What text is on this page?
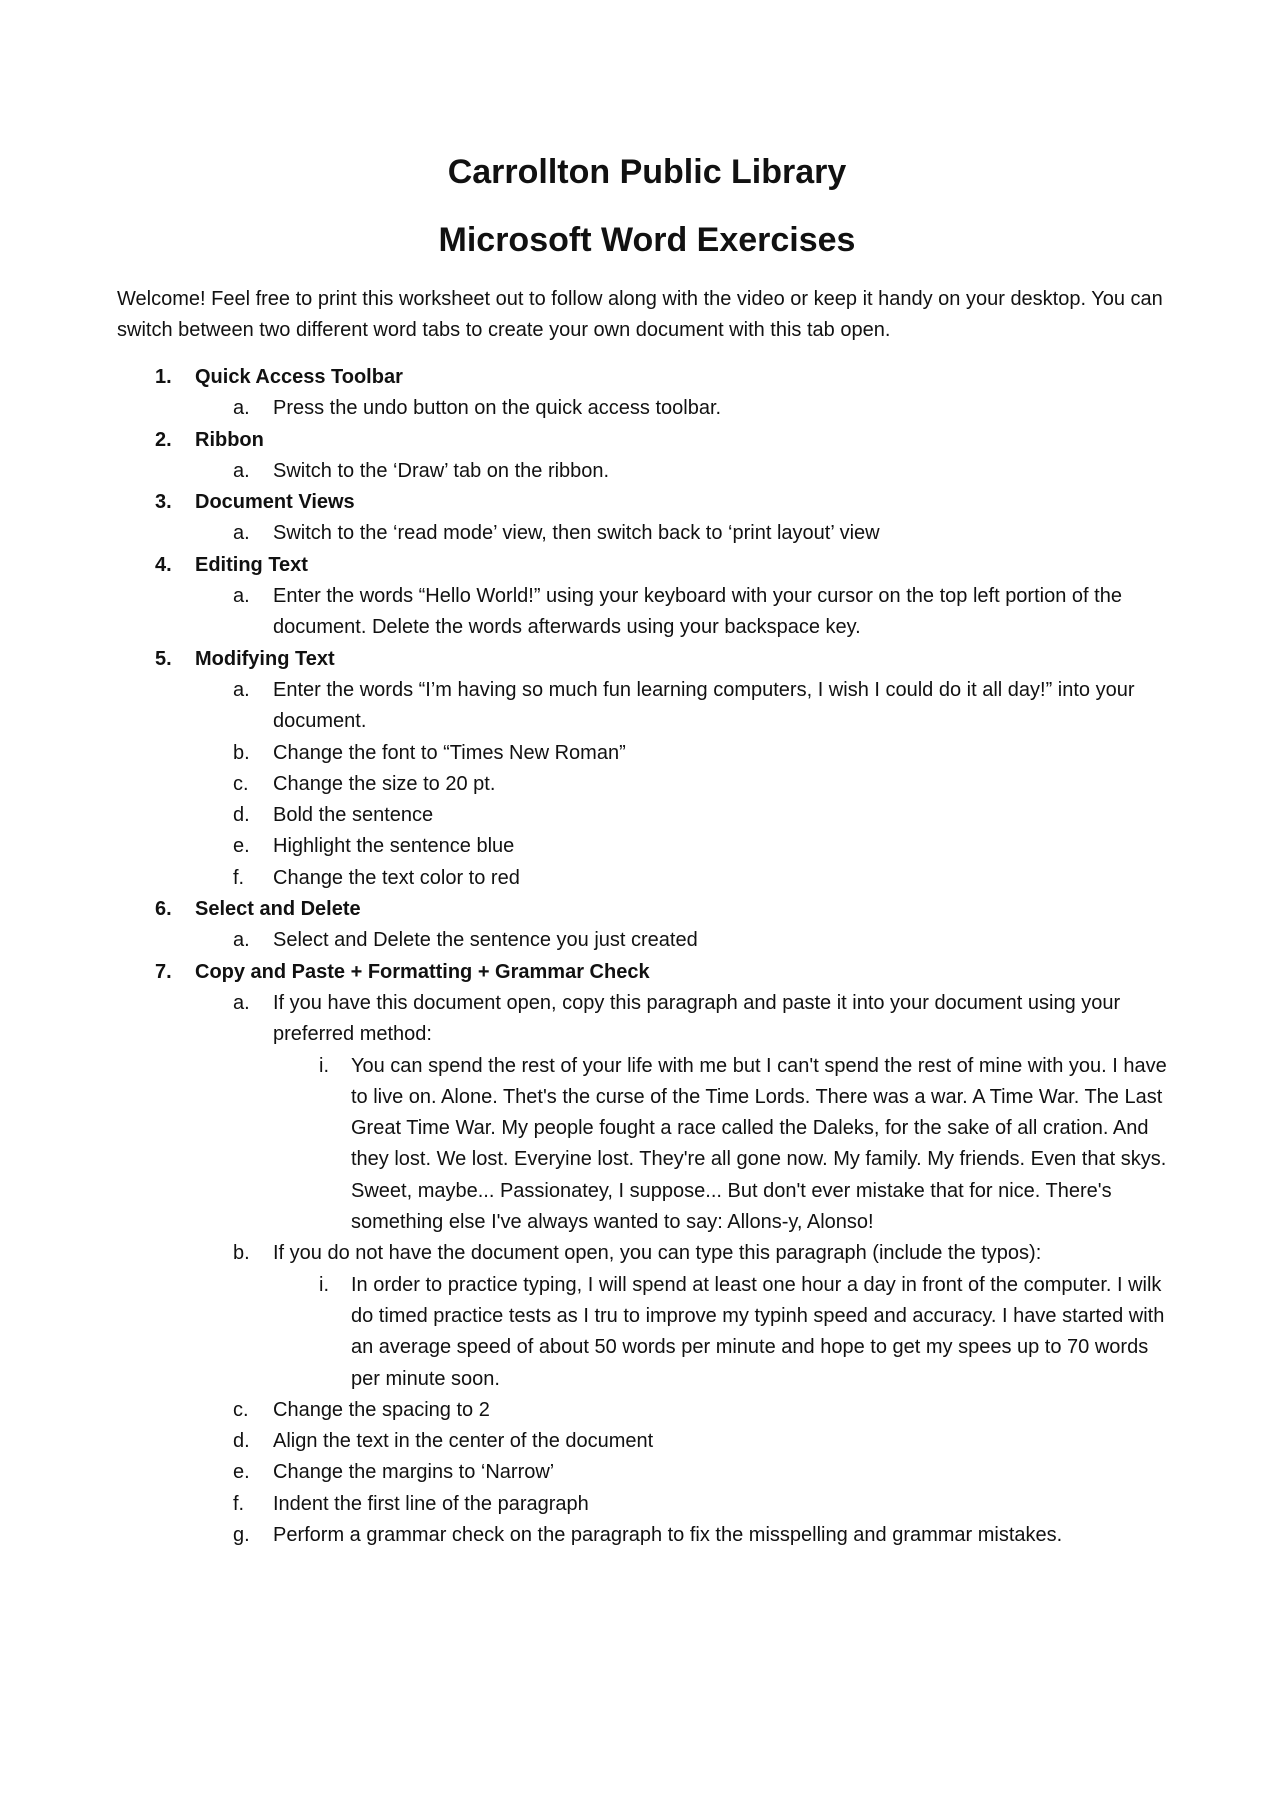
Carrollton Public Library
Microsoft Word Exercises

Welcome! Feel free to print this worksheet out to follow along with the video or keep it handy on your desktop. You can switch between two different word tabs to create your own document with this tab open.

1. Quick Access Toolbar
a. Press the undo button on the quick access toolbar.
2. Ribbon
a. Switch to the ‘Draw’ tab on the ribbon.
3. Document Views
a. Switch to the ‘read mode’ view, then switch back to ‘print layout’ view
4. Editing Text
a. Enter the words “Hello World!” using your keyboard with your cursor on the top left portion of the document. Delete the words afterwards using your backspace key.
5. Modifying Text
a. Enter the words “I’m having so much fun learning computers, I wish I could do it all day!” into your document.
b. Change the font to “Times New Roman”
c. Change the size to 20 pt.
d. Bold the sentence
e. Highlight the sentence blue
f. Change the text color to red
6. Select and Delete
a. Select and Delete the sentence you just created
7. Copy and Paste + Formatting + Grammar Check
a. If you have this document open, copy this paragraph and paste it into your document using your preferred method:
i. You can spend the rest of your life with me but I can't spend the rest of mine with you. I have to live on. Alone. Thet's the curse of the Time Lords. There was a war. A Time War. The Last Great Time War. My people fought a race called the Daleks, for the sake of all cration. And they lost. We lost. Everyine lost. They're all gone now. My family. My friends. Even that skys. Sweet, maybe... Passionatey, I suppose... But don't ever mistake that for nice. There's something else I've always wanted to say: Allons-y, Alonso!
b. If you do not have the document open, you can type this paragraph (include the typos):
i. In order to practice typing, I will spend at least one hour a day in front of the computer. I wilk do timed practice tests as I tru to improve my typinh speed and accuracy. I have started with an average speed of about 50 words per minute and hope to get my spees up to 70 words per minute soon.
c. Change the spacing to 2
d. Align the text in the center of the document
e. Change the margins to ‘Narrow’
f. Indent the first line of the paragraph
g. Perform a grammar check on the paragraph to fix the misspelling and grammar mistakes.
